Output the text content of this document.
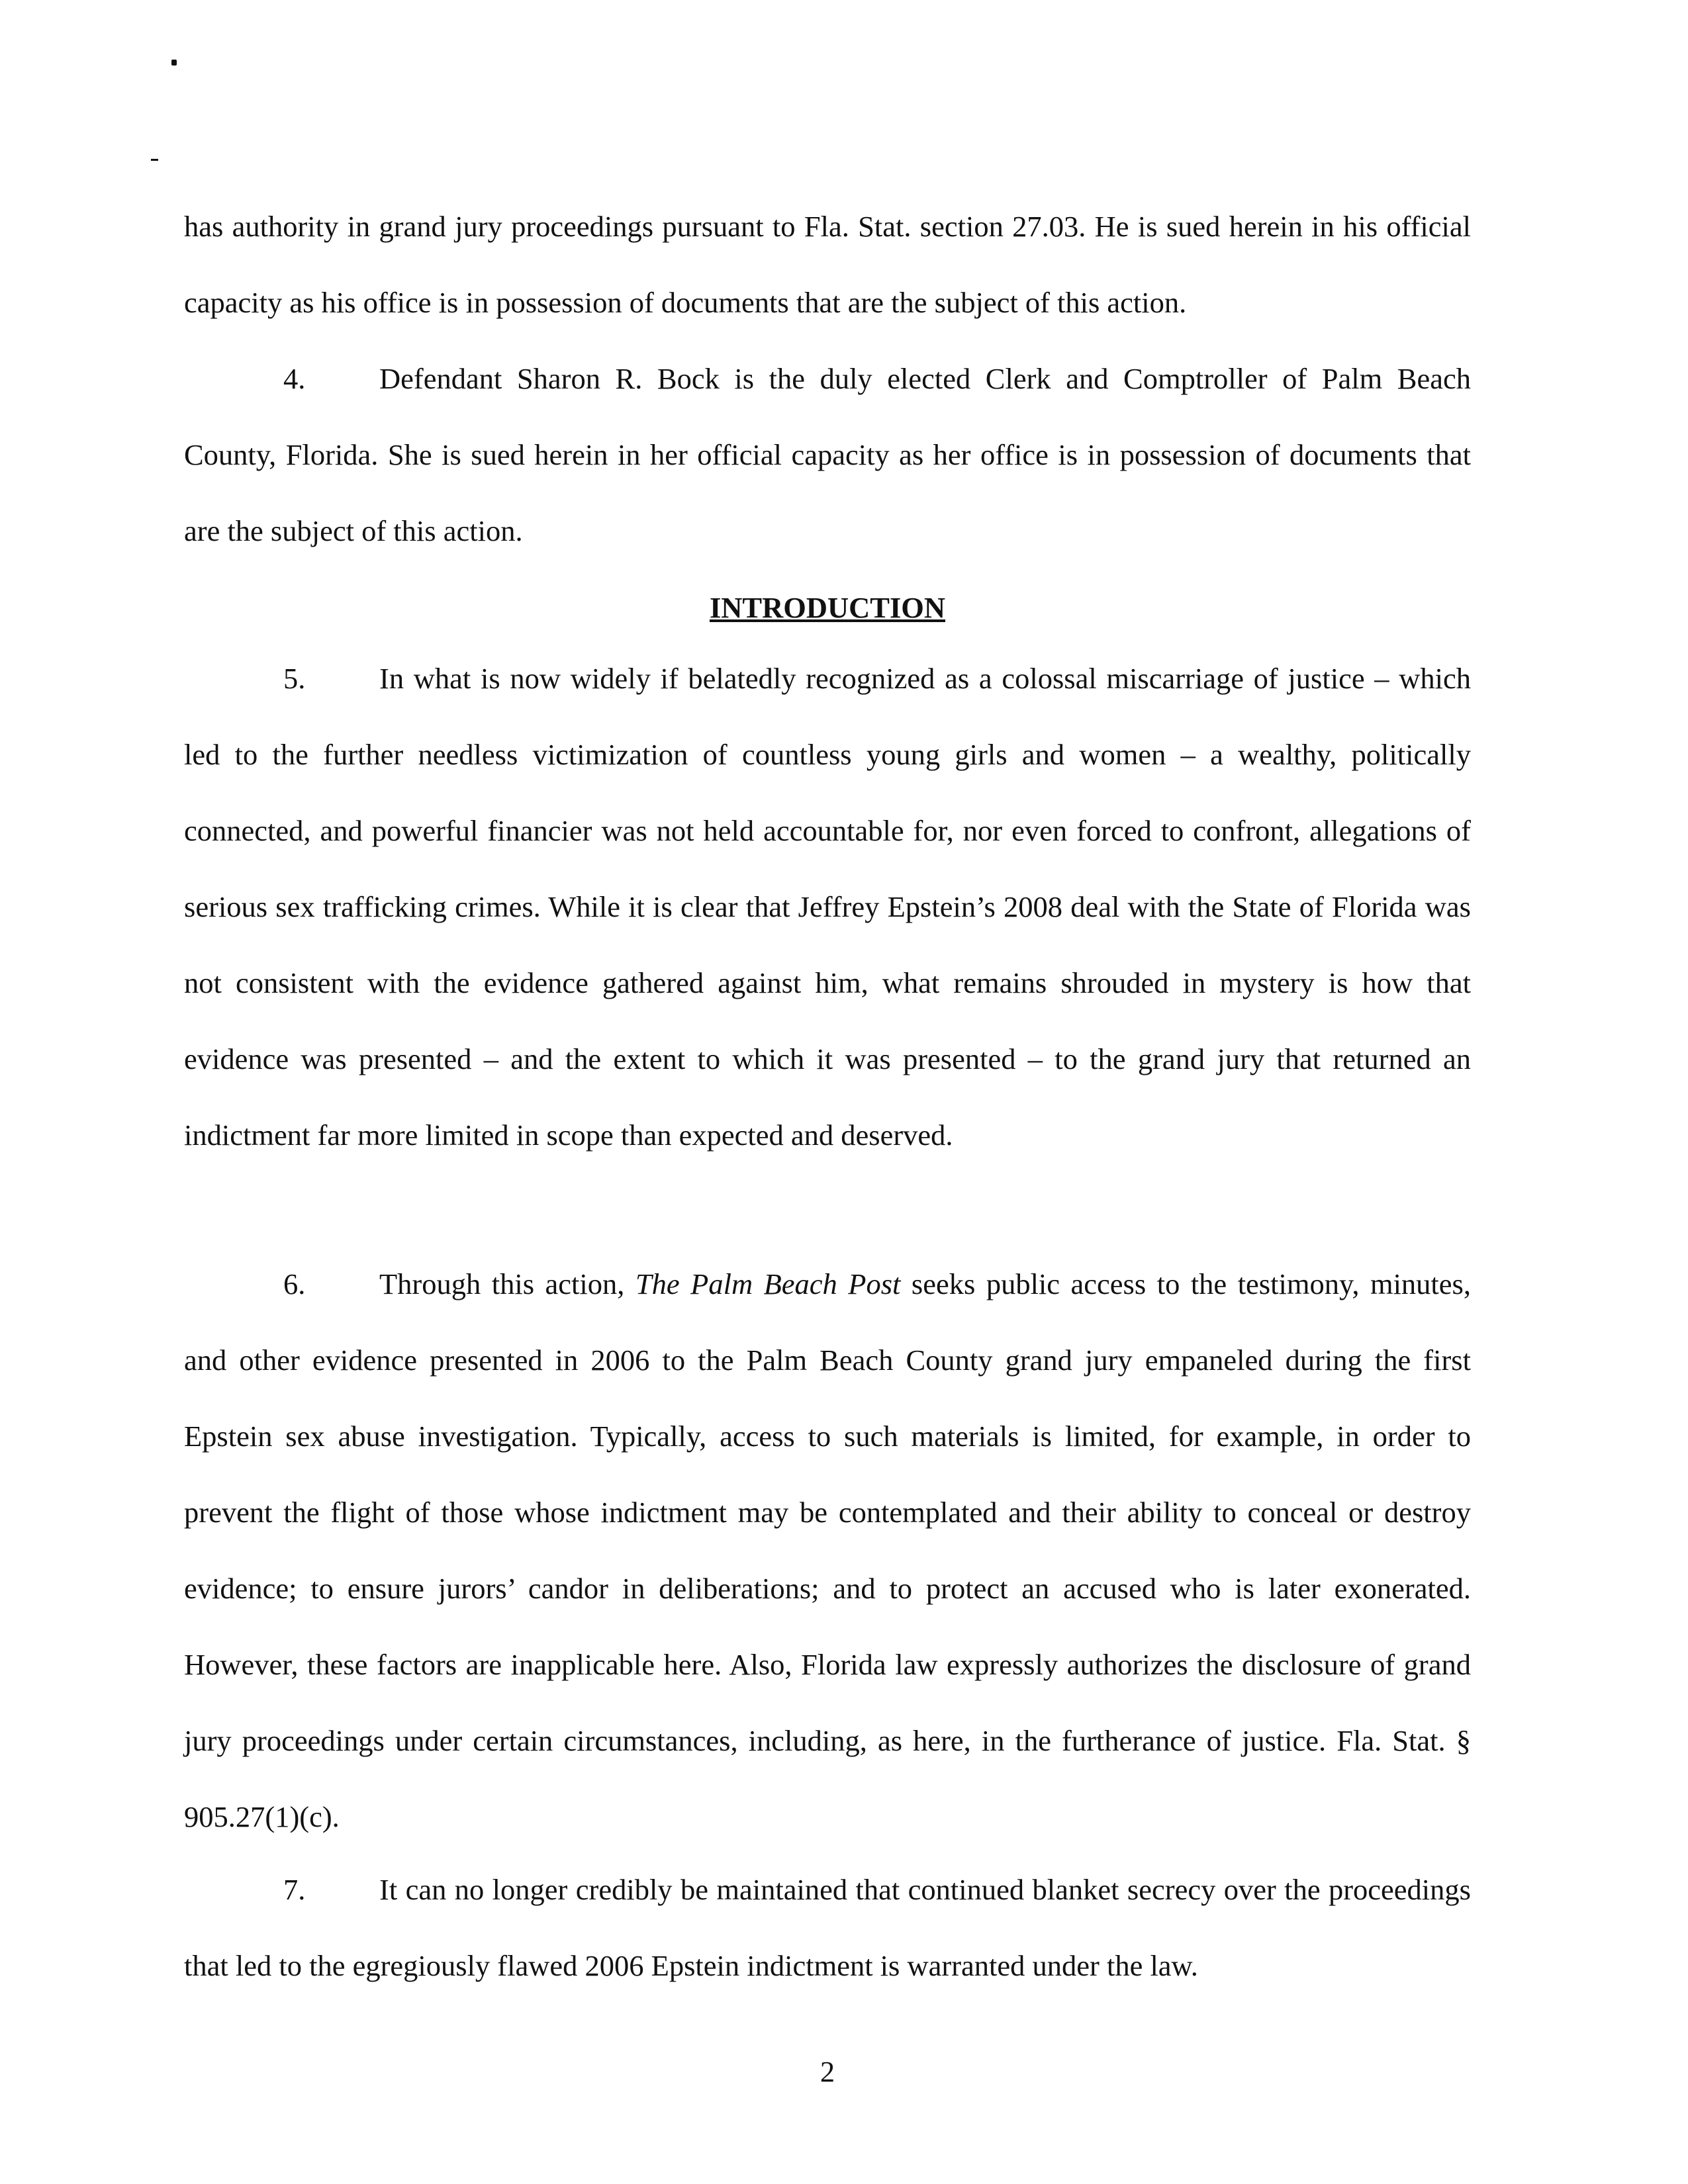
has authority in grand jury proceedings pursuant to Fla. Stat. section 27.03. He is sued herein in his official capacity as his office is in possession of documents that are the subject of this action.

4.	Defendant Sharon R. Bock is the duly elected Clerk and Comptroller of Palm Beach County, Florida. She is sued herein in her official capacity as her office is in possession of documents that are the subject of this action.

INTRODUCTION

5.	In what is now widely if belatedly recognized as a colossal miscarriage of justice – which led to the further needless victimization of countless young girls and women – a wealthy, politically connected, and powerful financier was not held accountable for, nor even forced to confront, allegations of serious sex trafficking crimes. While it is clear that Jeffrey Epstein’s 2008 deal with the State of Florida was not consistent with the evidence gathered against him, what remains shrouded in mystery is how that evidence was presented – and the extent to which it was presented – to the grand jury that returned an indictment far more limited in scope than expected and deserved.

6.	Through this action, The Palm Beach Post seeks public access to the testimony, minutes, and other evidence presented in 2006 to the Palm Beach County grand jury empaneled during the first Epstein sex abuse investigation. Typically, access to such materials is limited, for example, in order to prevent the flight of those whose indictment may be contemplated and their ability to conceal or destroy evidence; to ensure jurors’ candor in deliberations; and to protect an accused who is later exonerated. However, these factors are inapplicable here. Also, Florida law expressly authorizes the disclosure of grand jury proceedings under certain circumstances, including, as here, in the furtherance of justice. Fla. Stat. § 905.27(1)(c).

7.	It can no longer credibly be maintained that continued blanket secrecy over the proceedings that led to the egregiously flawed 2006 Epstein indictment is warranted under the law.

2
